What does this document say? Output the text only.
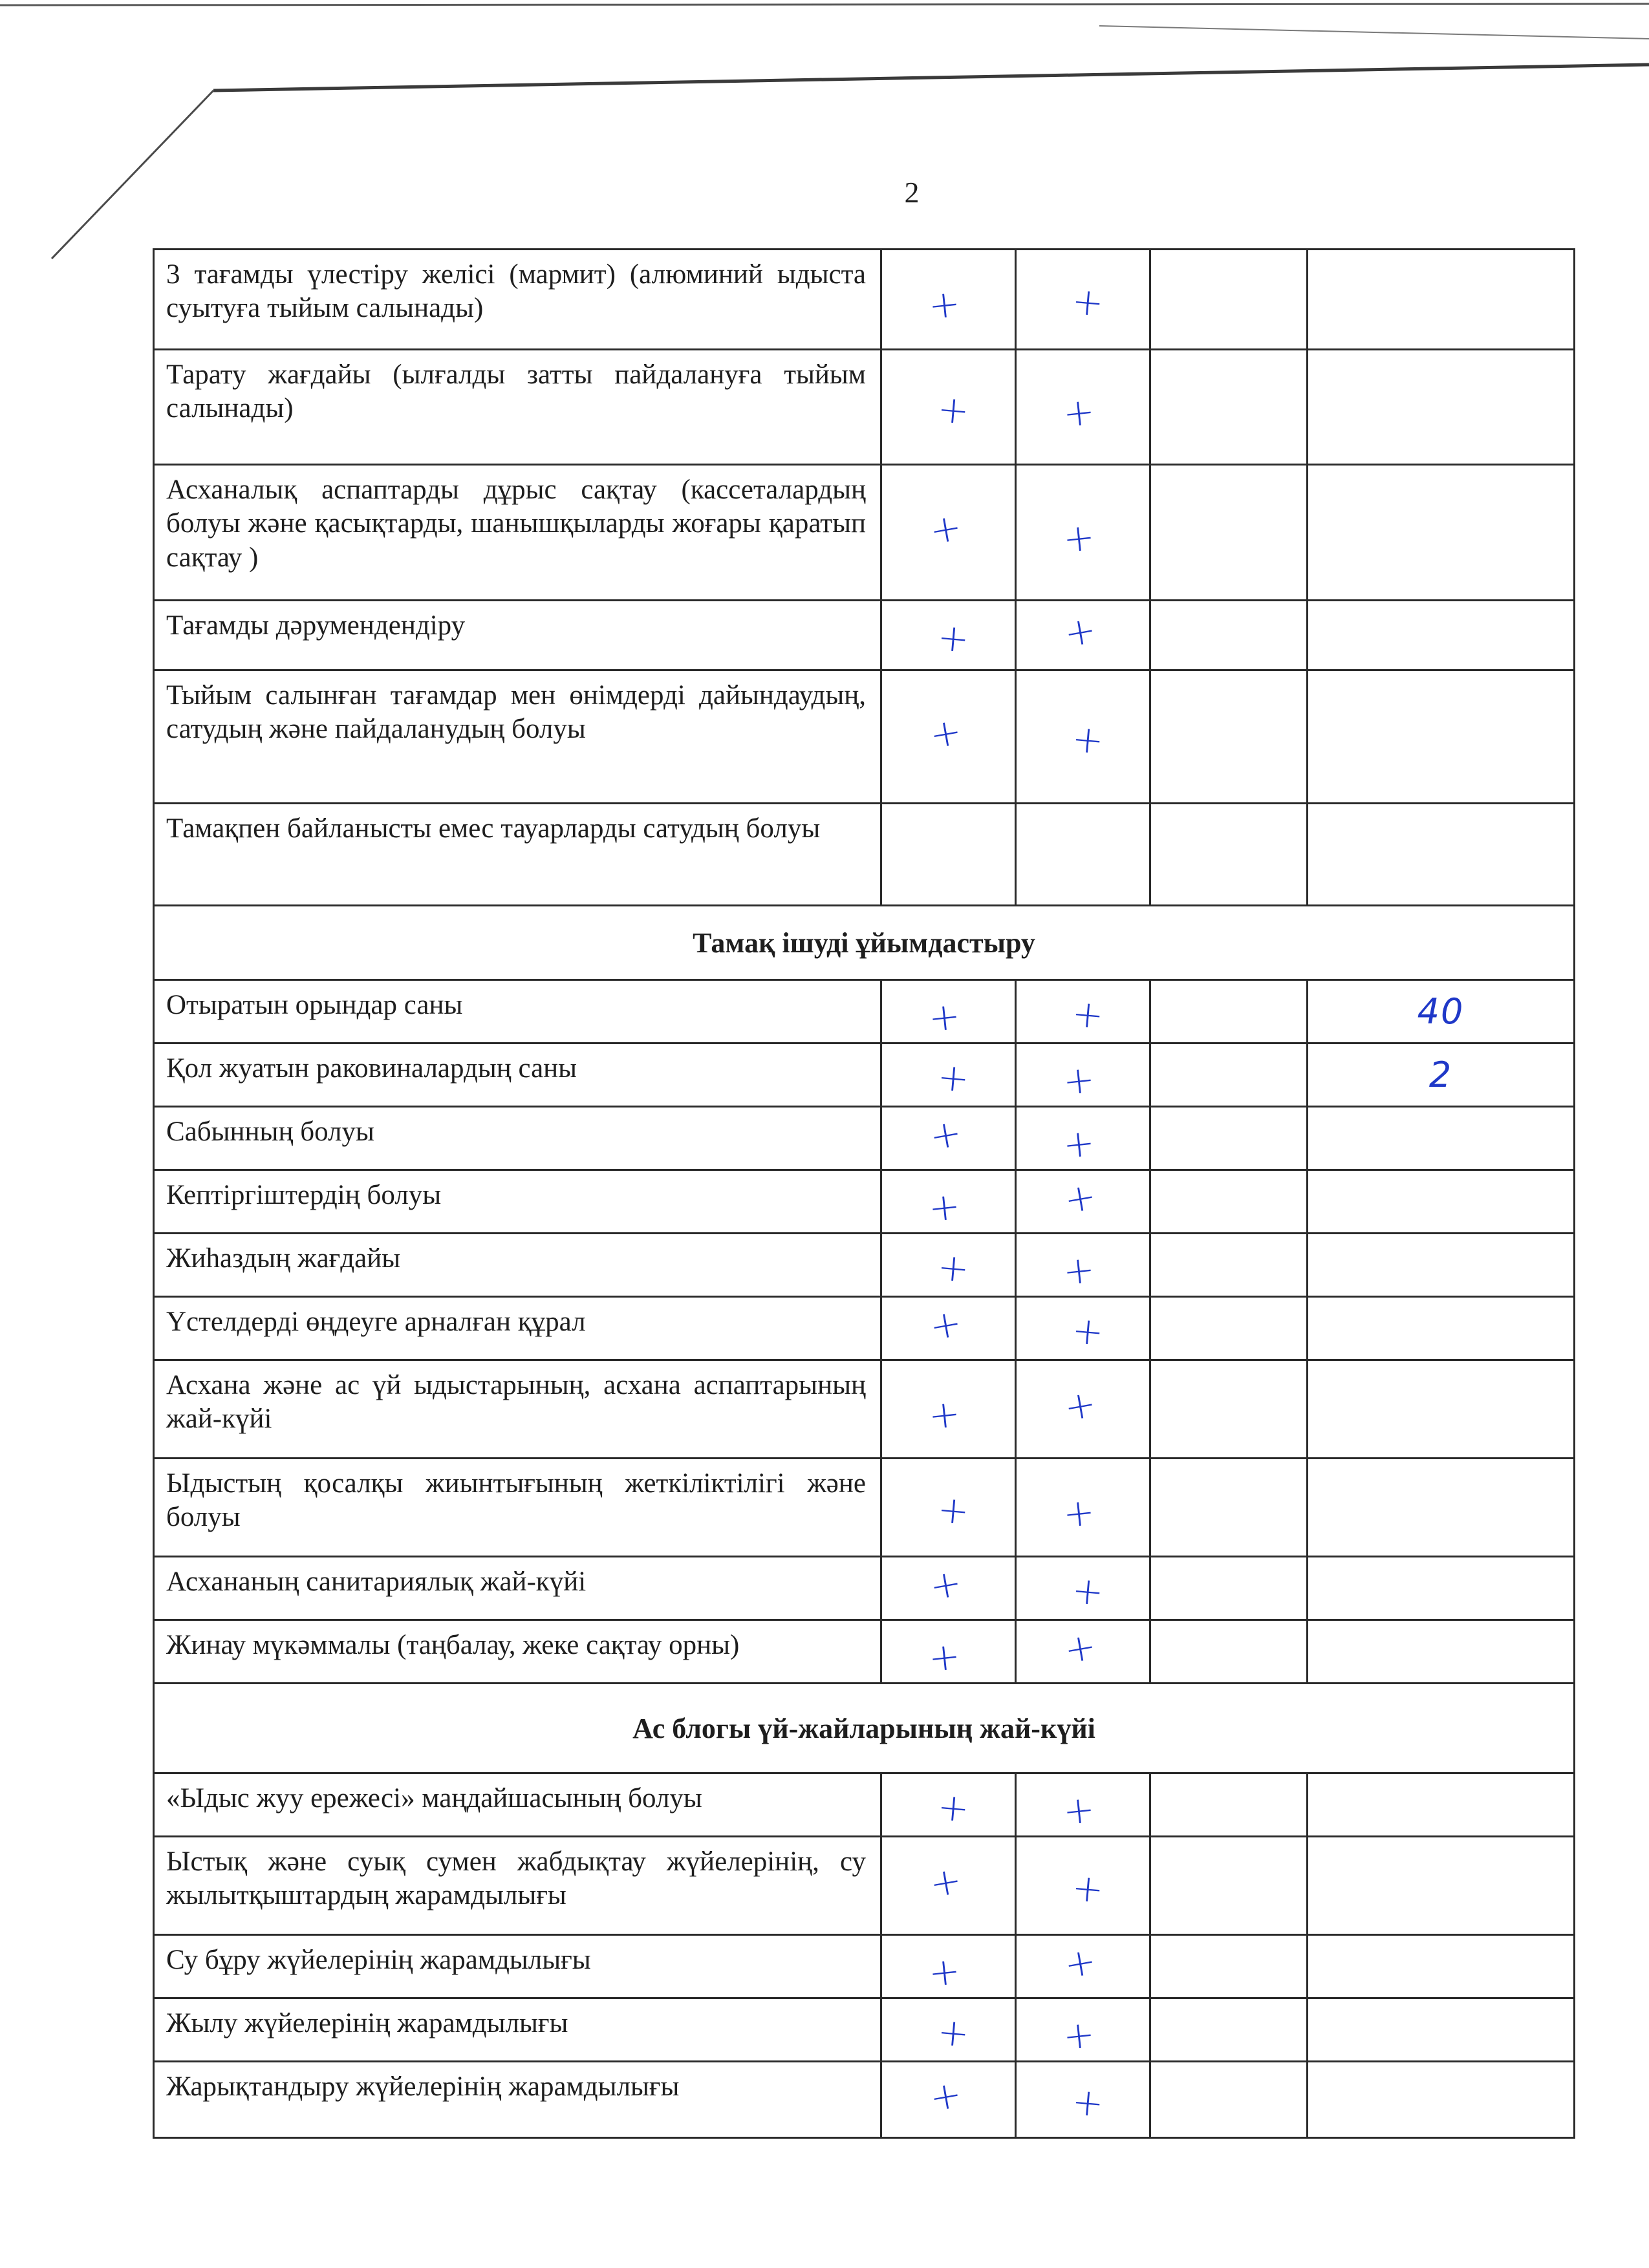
2
3 тағамды үлестіру желісі (мармит) (алюминий ыдыста суытуға тыйым салынады)	+	+		
Тарату жағдайы (ылғалды затты пайдалануға тыйым салынады)	+	+		
Асханалық аспаптарды дұрыс сақтау (кассеталардың болуы және қасықтарды, шанышқыларды жоғары қаратып сақтау )	+	+		
Тағамды дәрумендендіру	+	+		
Тыйым салынған тағамдар мен өнімдерді дайындаудың, сатудың және пайдаланудың болуы	+	+		
Тамақпен байланысты емес тауарларды сатудың болуы				
Тамақ ішуді ұйымдастыру				
Отыратын орындар саны	+	+		40
Қол жуатын раковиналардың саны	+	+		2
Сабынның болуы	+	+		
Кептіргіштердің болуы	+	+		
Жиһаздың жағдайы	+	+		
Үстелдерді өңдеуге арналған құрал	+	+		
Асхана және ас үй ыдыстарының, асхана аспаптарының жай-күйі	+	+		
Ыдыстың қосалқы жиынтығының жеткіліктілігі және болуы	+	+		
Асхананың санитариялық жай-күйі	+	+		
Жинау мүкәммалы (таңбалау, жеке сақтау орны)	+	+		
Ас блогы үй-жайларының жай-күйі				
«Ыдыс жуу ережесі» маңдайшасының болуы	+	+		
Ыстық және суық сумен жабдықтау жүйелерінің, су жылытқыштардың жарамдылығы	+	+		
Су бұру жүйелерінің жарамдылығы	+	+		
Жылу жүйелерінің жарамдылығы	+	+		
Жарықтандыру жүйелерінің жарамдылығы	+	+		
